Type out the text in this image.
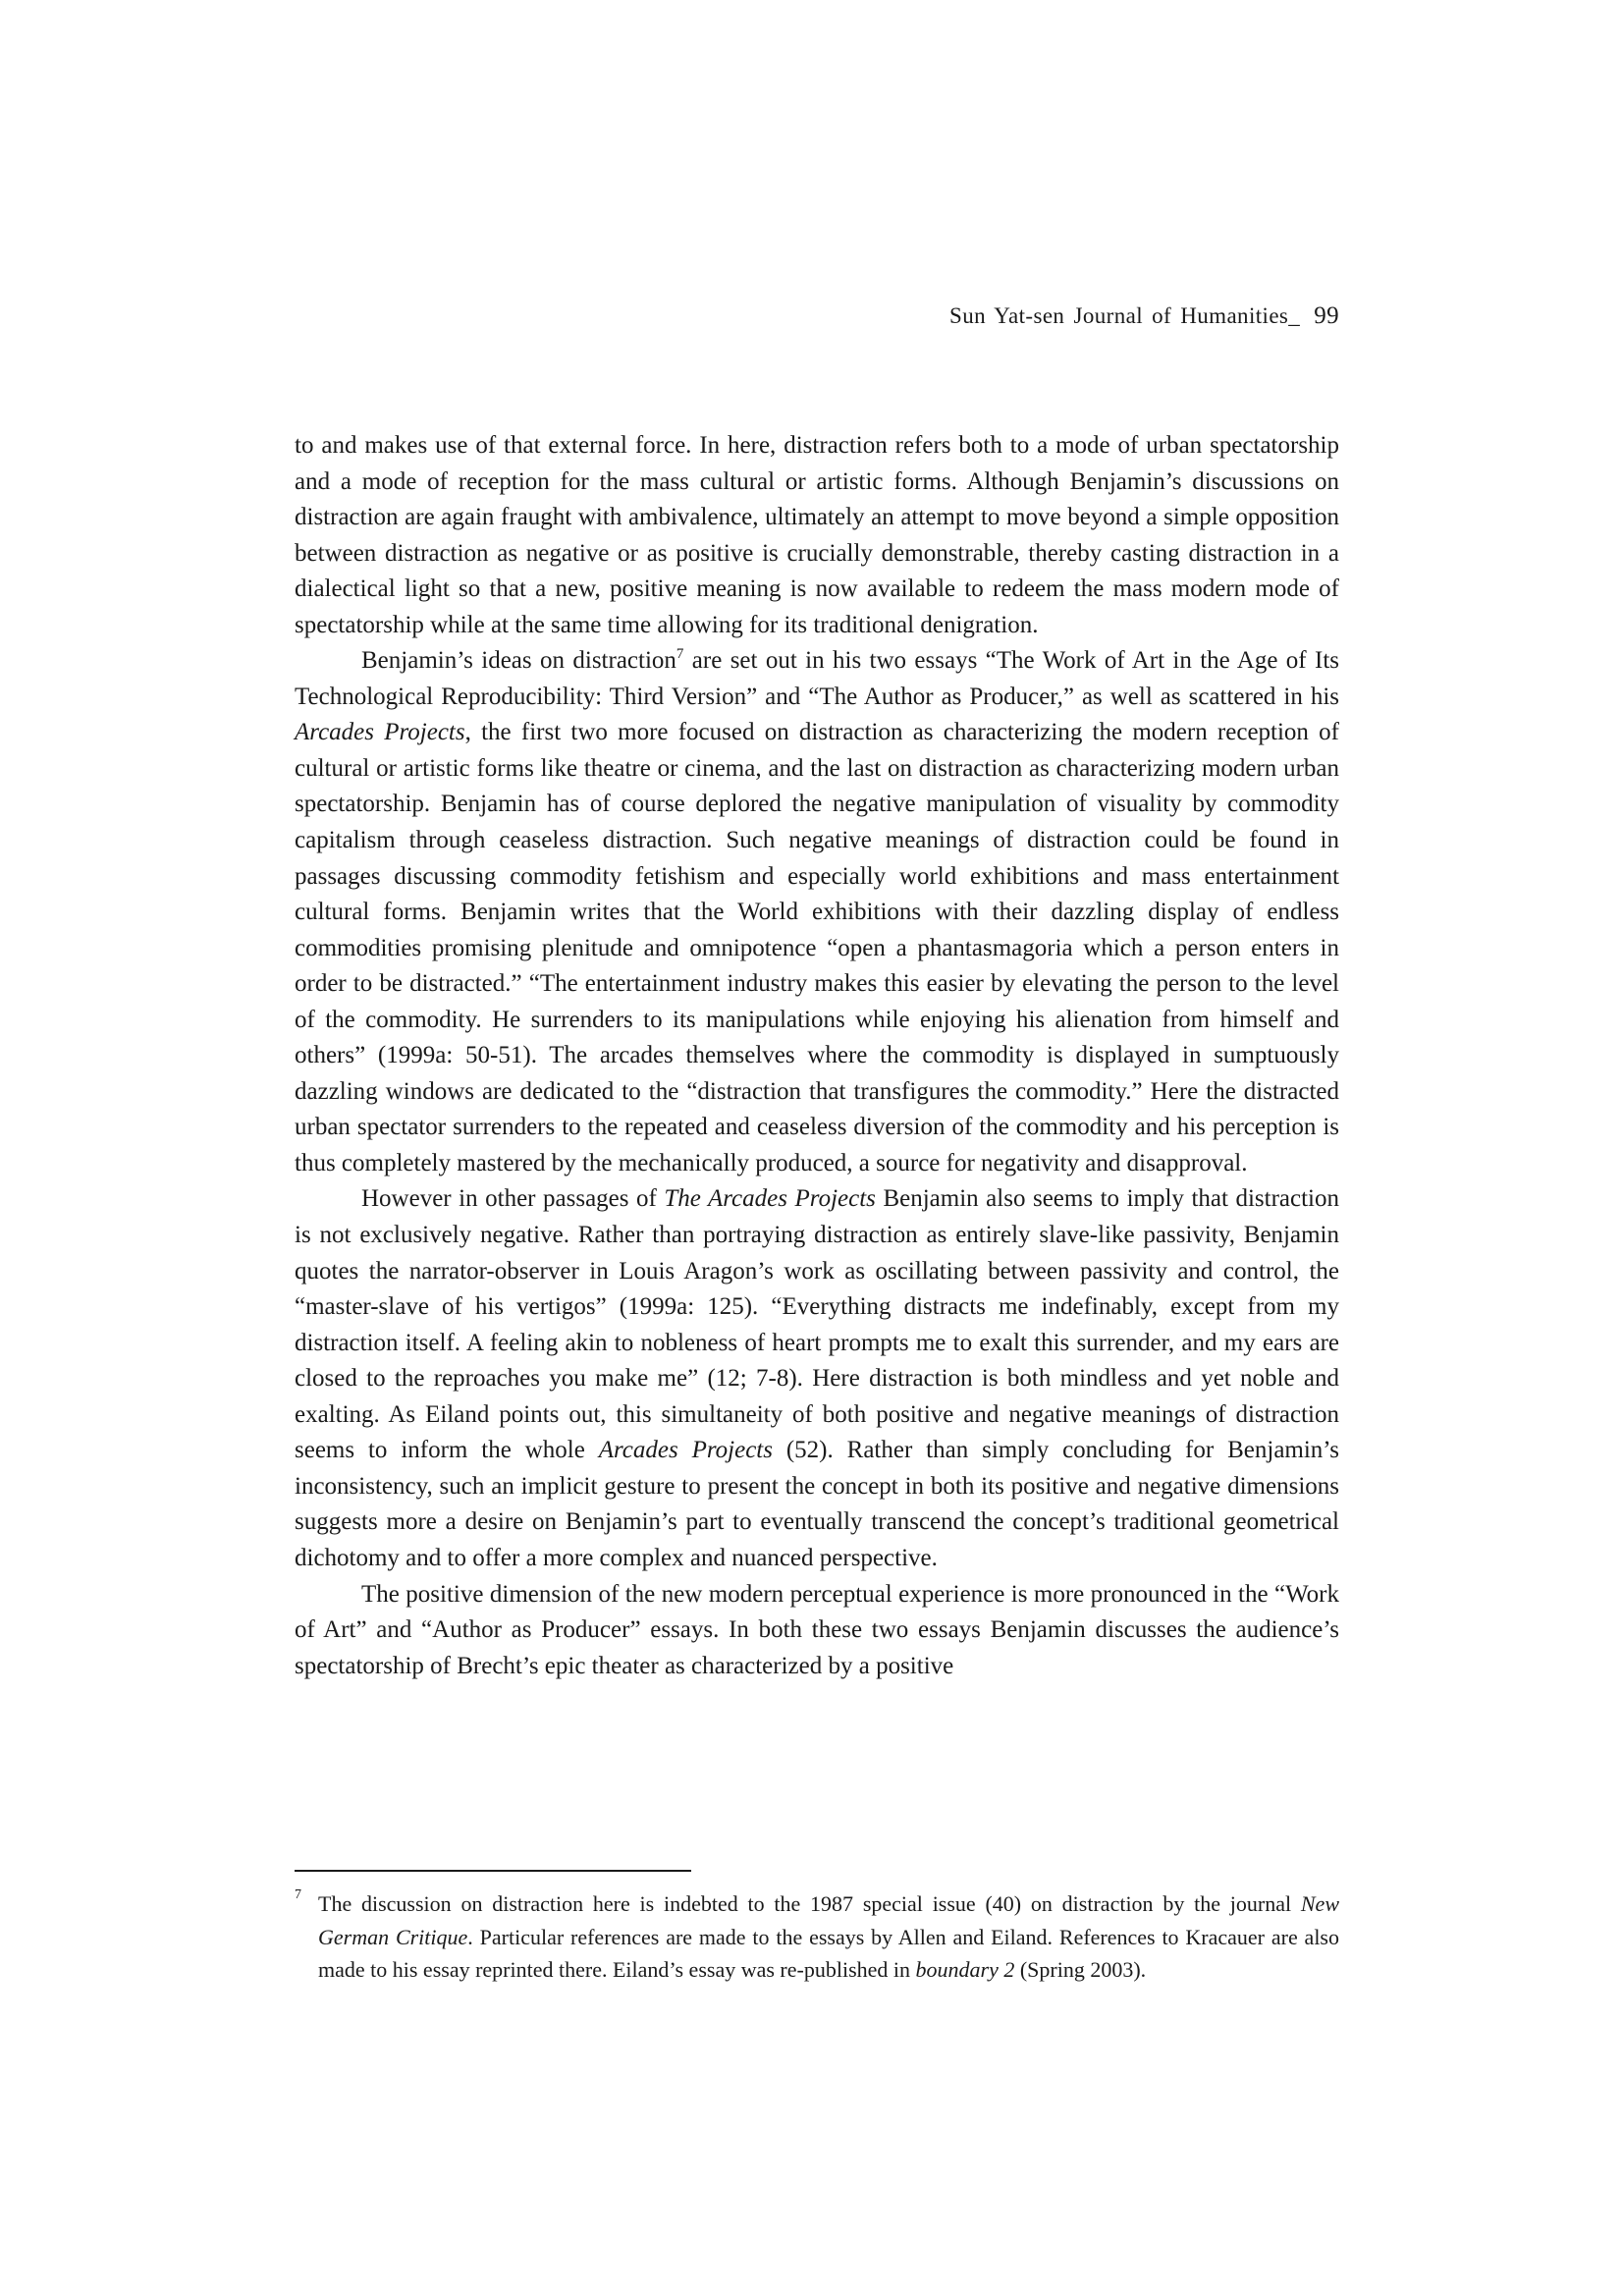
Sun Yat-sen Journal of Humanities_ 99

to and makes use of that external force. In here, distraction refers both to a mode of urban spectatorship and a mode of reception for the mass cultural or artistic forms. Although Benjamin’s discussions on distraction are again fraught with ambivalence, ultimately an attempt to move beyond a simple opposition between distraction as negative or as positive is crucially demonstrable, thereby casting distraction in a dialectical light so that a new, positive meaning is now available to redeem the mass modern mode of spectatorship while at the same time allowing for its traditional denigration.

Benjamin’s ideas on distraction$^7$ are set out in his two essays “The Work of Art in the Age of Its Technological Reproducibility: Third Version” and “The Author as Producer,” as well as scattered in his Arcades Projects, the first two more focused on distraction as characterizing the modern reception of cultural or artistic forms like theatre or cinema, and the last on distraction as characterizing modern urban spectatorship. Benjamin has of course deplored the negative manipulation of visuality by commodity capitalism through ceaseless distraction. Such negative meanings of distraction could be found in passages discussing commodity fetishism and especially world exhibitions and mass entertainment cultural forms. Benjamin writes that the World exhibitions with their dazzling display of endless commodities promising plenitude and omnipotence “open a phantasmagoria which a person enters in order to be distracted.” “The entertainment industry makes this easier by elevating the person to the level of the commodity. He surrenders to its manipulations while enjoying his alienation from himself and others” (1999a: 50-51). The arcades themselves where the commodity is displayed in sumptuously dazzling windows are dedicated to the “distraction that transfigures the commodity.” Here the distracted urban spectator surrenders to the repeated and ceaseless diversion of the commodity and his perception is thus completely mastered by the mechanically produced, a source for negativity and disapproval.

However in other passages of The Arcades Projects Benjamin also seems to imply that distraction is not exclusively negative. Rather than portraying distraction as entirely slave-like passivity, Benjamin quotes the narrator-observer in Louis Aragon’s work as oscillating between passivity and control, the “master-slave of his vertigos” (1999a: 125). “Everything distracts me indefinably, except from my distraction itself. A feeling akin to nobleness of heart prompts me to exalt this surrender, and my ears are closed to the reproaches you make me” (12; 7-8). Here distraction is both mindless and yet noble and exalting. As Eiland points out, this simultaneity of both positive and negative meanings of distraction seems to inform the whole Arcades Projects (52). Rather than simply concluding for Benjamin’s inconsistency, such an implicit gesture to present the concept in both its positive and negative dimensions suggests more a desire on Benjamin’s part to eventually transcend the concept’s traditional geometrical dichotomy and to offer a more complex and nuanced perspective.

The positive dimension of the new modern perceptual experience is more pronounced in the “Work of Art” and “Author as Producer” essays. In both these two essays Benjamin discusses the audience’s spectatorship of Brecht’s epic theater as characterized by a positive

7 The discussion on distraction here is indebted to the 1987 special issue (40) on distraction by the journal New German Critique. Particular references are made to the essays by Allen and Eiland. References to Kracauer are also made to his essay reprinted there. Eiland’s essay was re-published in boundary 2 (Spring 2003).
